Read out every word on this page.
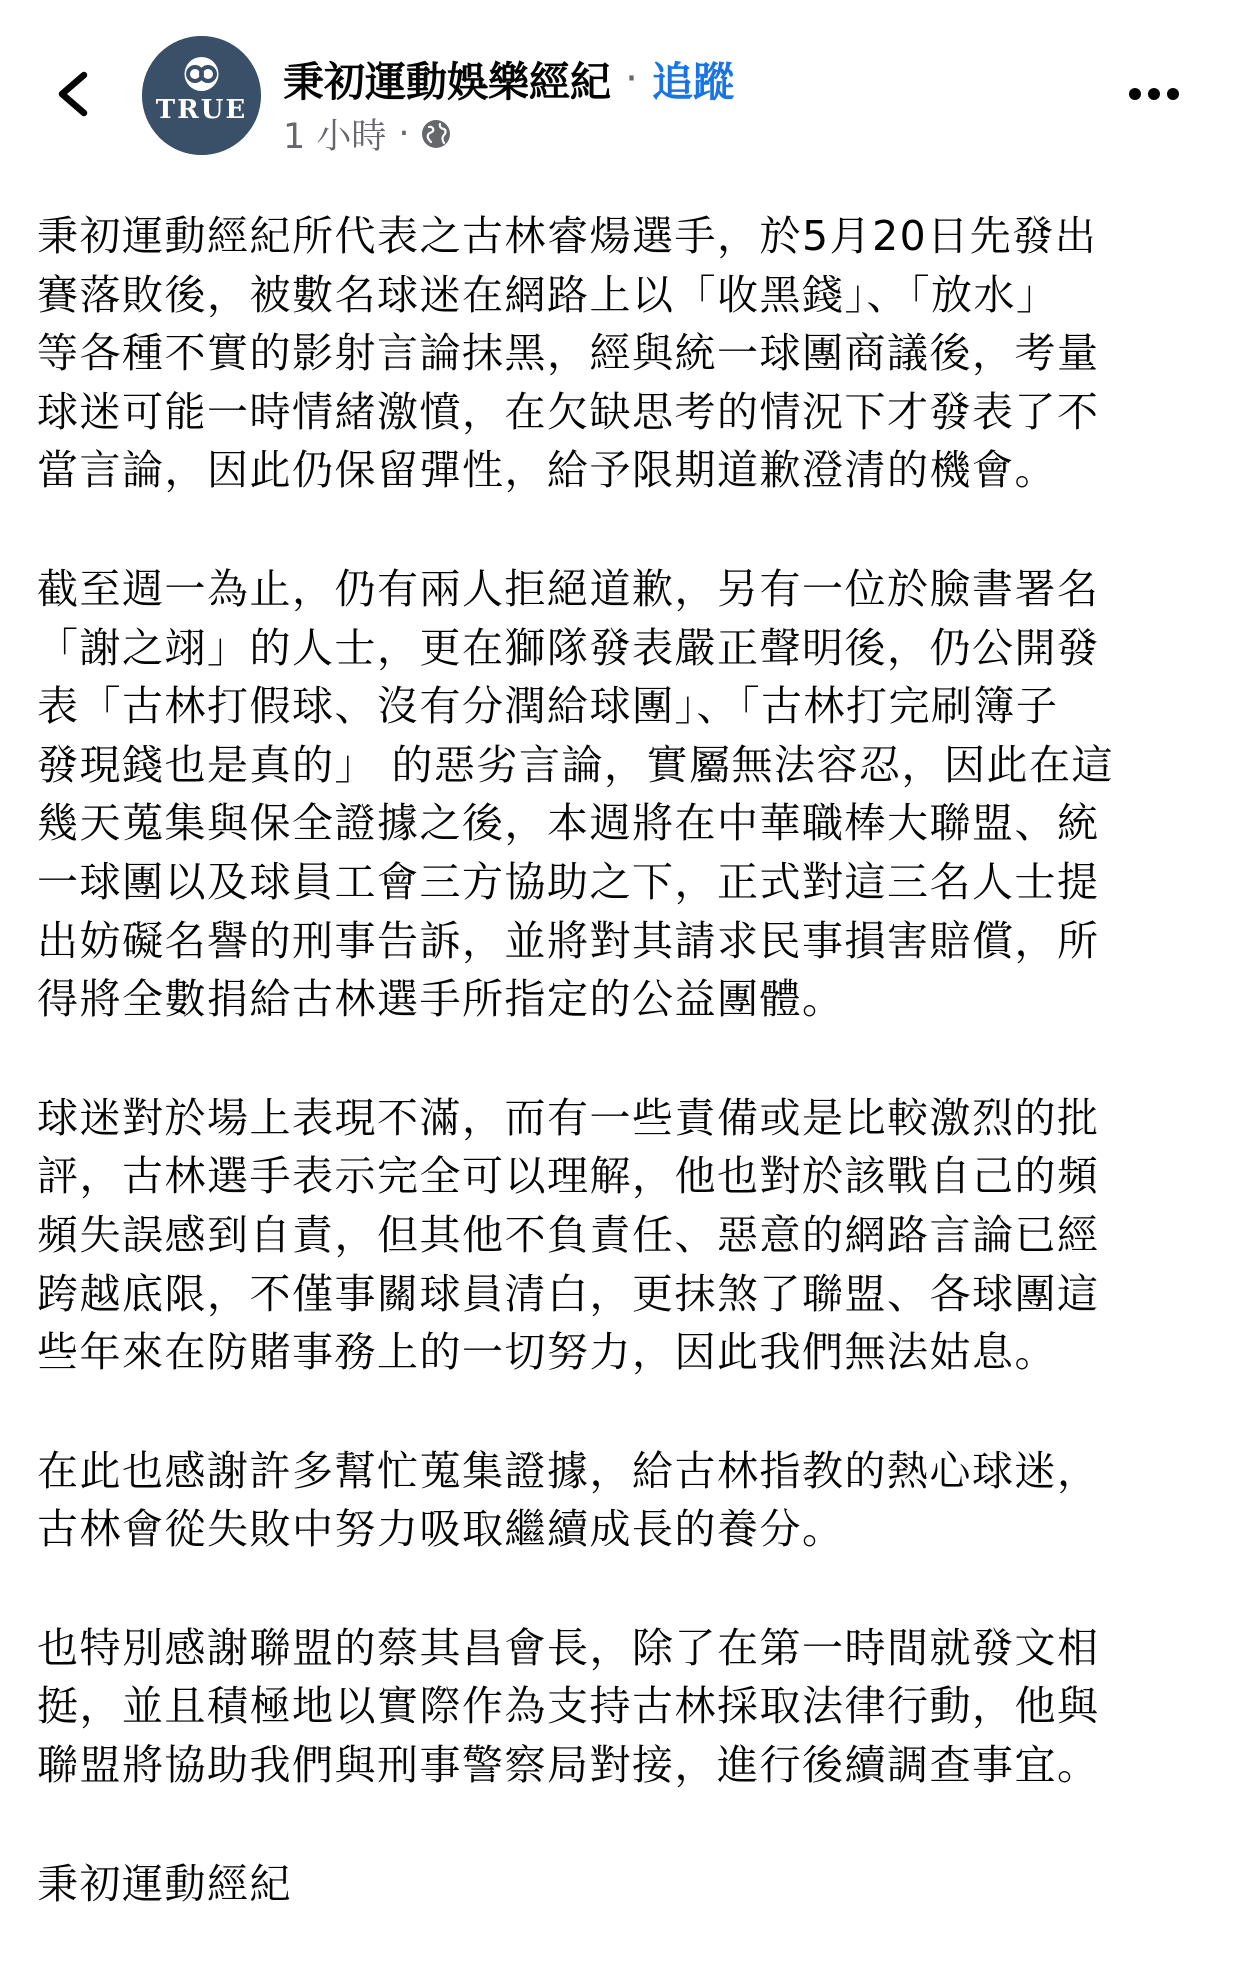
TRUE
秉初運動娛樂經紀 · 追蹤
1 小時 ·

秉初運動經紀所代表之古林睿煬選手，於5月20日先發出
賽落敗後，被數名球迷在網路上以「收黑錢」、「放水」
等各種不實的影射言論抹黑，經與統一球團商議後，考量
球迷可能一時情緒激憤，在欠缺思考的情況下才發表了不
當言論，因此仍保留彈性，給予限期道歉澄清的機會。

截至週一為止，仍有兩人拒絕道歉，另有一位於臉書署名
「謝之翊」的人士，更在獅隊發表嚴正聲明後，仍公開發
表「古林打假球、沒有分潤給球團」、「古林打完刷簿子
發現錢也是真的」 的惡劣言論，實屬無法容忍，因此在這
幾天蒐集與保全證據之後，本週將在中華職棒大聯盟、統
一球團以及球員工會三方協助之下，正式對這三名人士提
出妨礙名譽的刑事告訴，並將對其請求民事損害賠償，所
得將全數捐給古林選手所指定的公益團體。

球迷對於場上表現不滿，而有一些責備或是比較激烈的批
評，古林選手表示完全可以理解，他也對於該戰自己的頻
頻失誤感到自責，但其他不負責任、惡意的網路言論已經
跨越底限，不僅事關球員清白，更抹煞了聯盟、各球團這
些年來在防賭事務上的一切努力，因此我們無法姑息。

在此也感謝許多幫忙蒐集證據，給古林指教的熱心球迷，
古林會從失敗中努力吸取繼續成長的養分。

也特別感謝聯盟的蔡其昌會長，除了在第一時間就發文相
挺，並且積極地以實際作為支持古林採取法律行動，他與
聯盟將協助我們與刑事警察局對接，進行後續調查事宜。

秉初運動經紀
